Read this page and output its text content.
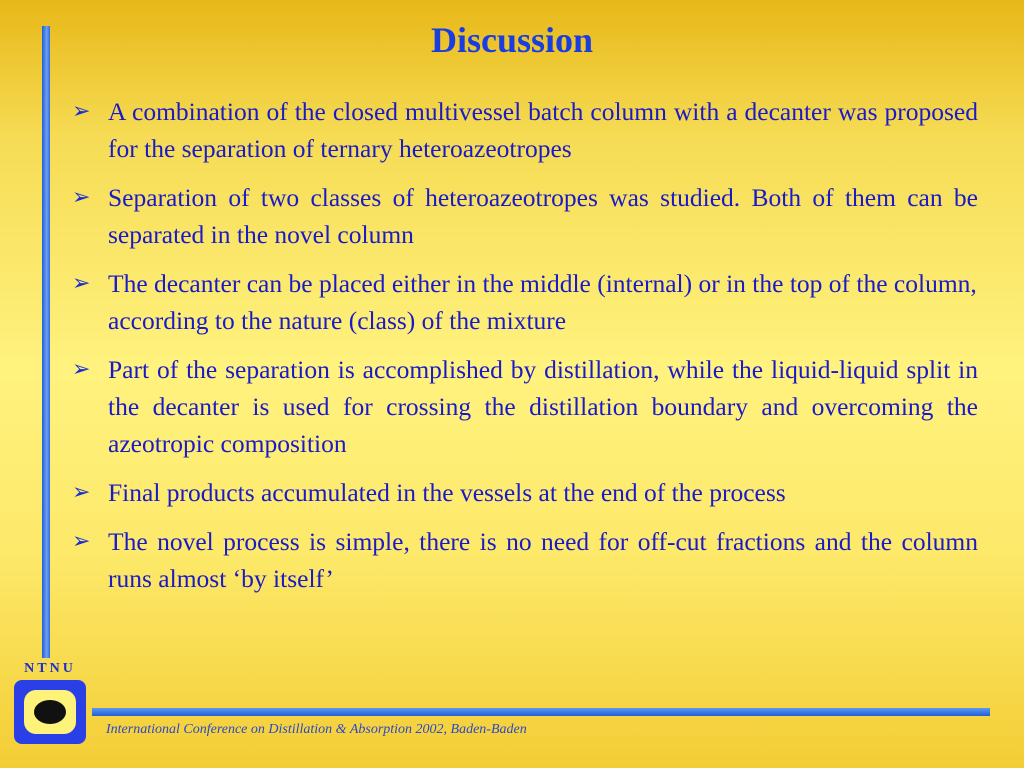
Discussion
➢ A combination of the closed multivessel batch column with a decanter was proposed for the separation of ternary heteroazeotropes
➢ Separation of two classes of heteroazeotropes was studied. Both of them can be separated in the novel column
➢ The decanter can be placed either in the middle (internal) or in the top of the column, according to the nature (class) of the mixture
➢ Part of the separation is accomplished by distillation, while the liquid-liquid split in the decanter is used for crossing the distillation boundary and overcoming the azeotropic composition
➢ Final products accumulated in the vessels at the end of the process
➢ The novel process is simple, there is no need for off-cut fractions and the column runs almost ‘by itself’
NTNU
International Conference on Distillation & Absorption 2002, Baden-Baden
